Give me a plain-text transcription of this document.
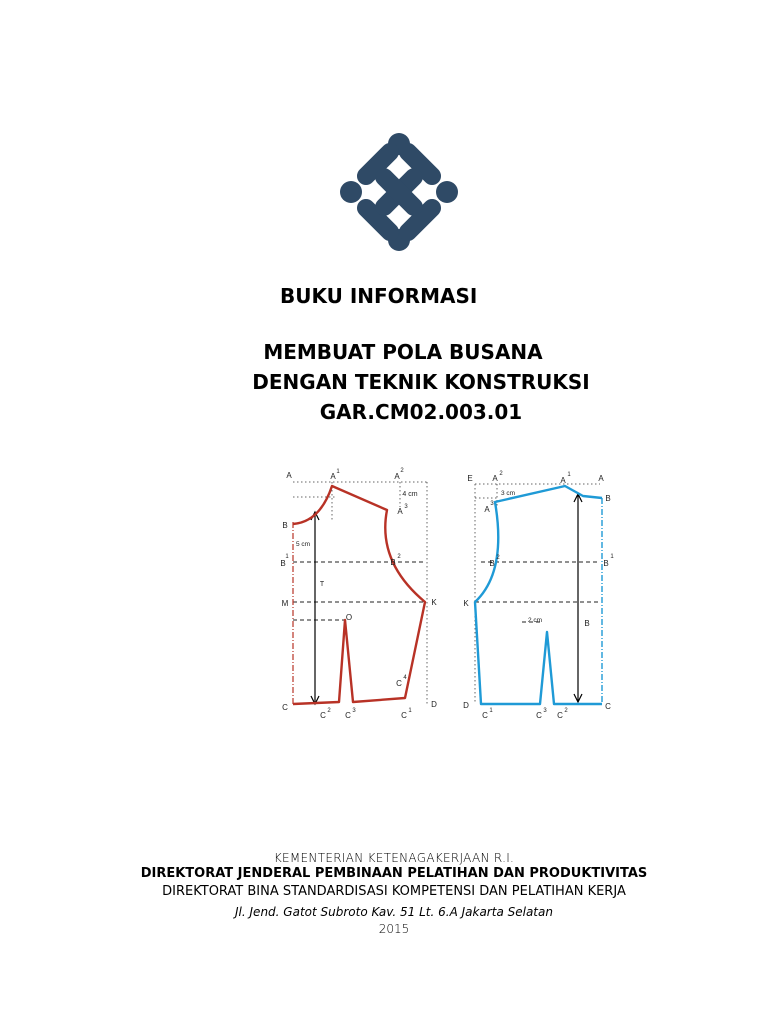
BUKU INFORMASI
MEMBUAT POLA BUSANA
DENGAN TEKNIK KONSTRUKSI
GAR.CM02.003.01
A	A 1	A
2
4 cm
A 3
B
5 cm
B
1
B
2
T
M	K
O
C
4
C
C 2 C 3	C 1
D
E A 2
A
1	A
3 cm
A
3
B
B
2
B
1
K
2 cm	B
D
C 1	C 3 C 2	C
KEMENTERIAN KETENAGAKERJAAN R.I.
DIREKTORAT JENDERAL PEMBINAAN PELATIHAN DAN PRODUKTIVITAS
DIREKTORAT BINA STANDARDISASI KOMPETENSI DAN PELATIHAN KERJA
Jl. Jend. Gatot Subroto Kav. 51 Lt. 6.A Jakarta Selatan
2015
